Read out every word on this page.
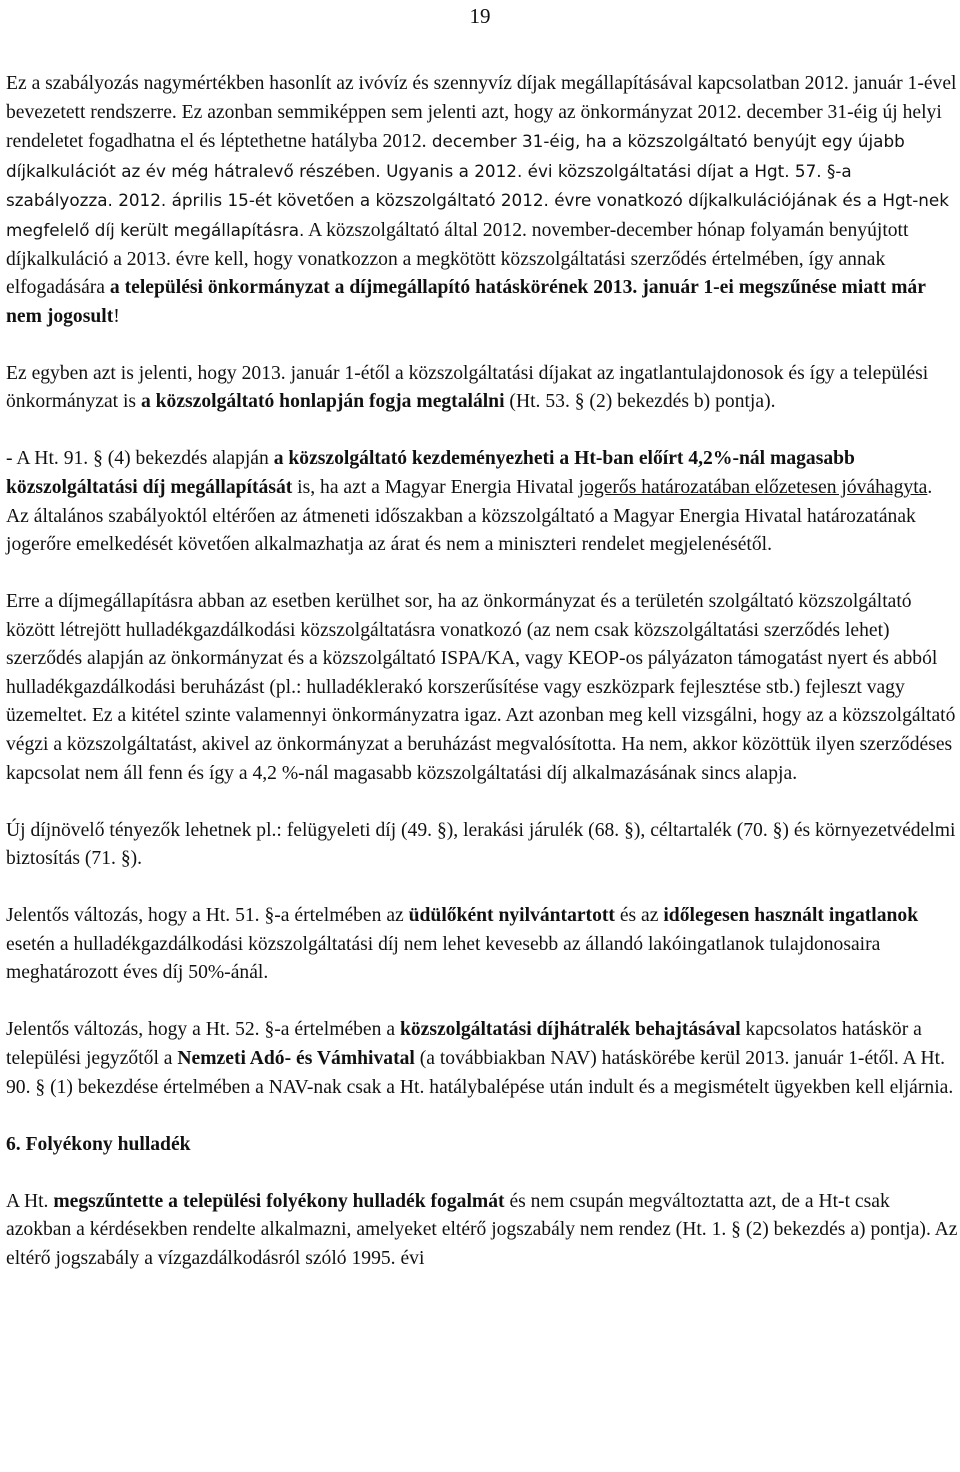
19

Ez a szabályozás nagymértékben hasonlít az ivóvíz és szennyvíz díjak megállapításával kapcsolatban 2012. január 1-ével bevezetett rendszerre. Ez azonban semmiképpen sem jelenti azt, hogy az önkormányzat 2012. december 31-éig új helyi rendeletet fogadhatna el és léptethetne hatályba 2012. december 31-éig, ha a közszolgáltató benyújt egy újabb díjkalkulációt az év még hátralevő részében. Ugyanis a 2012. évi közszolgáltatási díjat a Hgt. 57. §-a szabályozza. 2012. április 15-ét követően a közszolgáltató 2012. évre vonatkozó díjkalkulációjának és a Hgt-nek megfelelő díj került megállapításra. A közszolgáltató által 2012. november-december hónap folyamán benyújtott díjkalkuláció a 2013. évre kell, hogy vonatkozzon a megkötött közszolgáltatási szerződés értelmében, így annak elfogadására a települési önkormányzat a díjmegállapító hatáskörének 2013. január 1-ei megszűnése miatt már nem jogosult!

Ez egyben azt is jelenti, hogy 2013. január 1-étől a közszolgáltatási díjakat az ingatlantulajdonosok és így a települési önkormányzat is a közszolgáltató honlapján fogja megtalálni (Ht. 53. § (2) bekezdés b) pontja).

- A Ht. 91. § (4) bekezdés alapján a közszolgáltató kezdeményezheti a Ht-ban előírt 4,2%-nál magasabb közszolgáltatási díj megállapítását is, ha azt a Magyar Energia Hivatal jogerős határozatában előzetesen jóváhagyta. Az általános szabályoktól eltérően az átmeneti időszakban a közszolgáltató a Magyar Energia Hivatal határozatának jogerőre emelkedését követően alkalmazhatja az árat és nem a miniszteri rendelet megjelenésétől.

Erre a díjmegállapításra abban az esetben kerülhet sor, ha az önkormányzat és a területén szolgáltató közszolgáltató között létrejött hulladékgazdálkodási közszolgáltatásra vonatkozó (az nem csak közszolgáltatási szerződés lehet) szerződés alapján az önkormányzat és a közszolgáltató ISPA/KA, vagy KEOP-os pályázaton támogatást nyert és abból hulladékgazdálkodási beruházást (pl.: hulladéklerakó korszerűsítése vagy eszközpark fejlesztése stb.) fejleszt vagy üzemeltet. Ez a kitétel szinte valamennyi önkormányzatra igaz. Azt azonban meg kell vizsgálni, hogy az a közszolgáltató végzi a közszolgáltatást, akivel az önkormányzat a beruházást megvalósította. Ha nem, akkor közöttük ilyen szerződéses kapcsolat nem áll fenn és így a 4,2 %-nál magasabb közszolgáltatási díj alkalmazásának sincs alapja.

Új díjnövelő tényezők lehetnek pl.: felügyeleti díj (49. §), lerakási járulék (68. §), céltartalék (70. §) és környezetvédelmi biztosítás (71. §).

Jelentős változás, hogy a Ht. 51. §-a értelmében az üdülőként nyilvántartott és az időlegesen használt ingatlanok esetén a hulladékgazdálkodási közszolgáltatási díj nem lehet kevesebb az állandó lakóingatlanok tulajdonosaira meghatározott éves díj 50%-ánál.

Jelentős változás, hogy a Ht. 52. §-a értelmében a közszolgáltatási díjhátralék behajtásával kapcsolatos hatáskör a települési jegyzőtől a Nemzeti Adó- és Vámhivatal (a továbbiakban NAV) hatáskörébe kerül 2013. január 1-étől. A Ht. 90. § (1) bekezdése értelmében a NAV-nak csak a Ht. hatálybalépése után indult és a megismételt ügyekben kell eljárnia.

6. Folyékony hulladék

A Ht. megszűntette a települési folyékony hulladék fogalmát és nem csupán megváltoztatta azt, de a Ht-t csak azokban a kérdésekben rendelte alkalmazni, amelyeket eltérő jogszabály nem rendez (Ht. 1. § (2) bekezdés a) pontja). Az eltérő jogszabály a vízgazdálkodásról szóló 1995. évi
